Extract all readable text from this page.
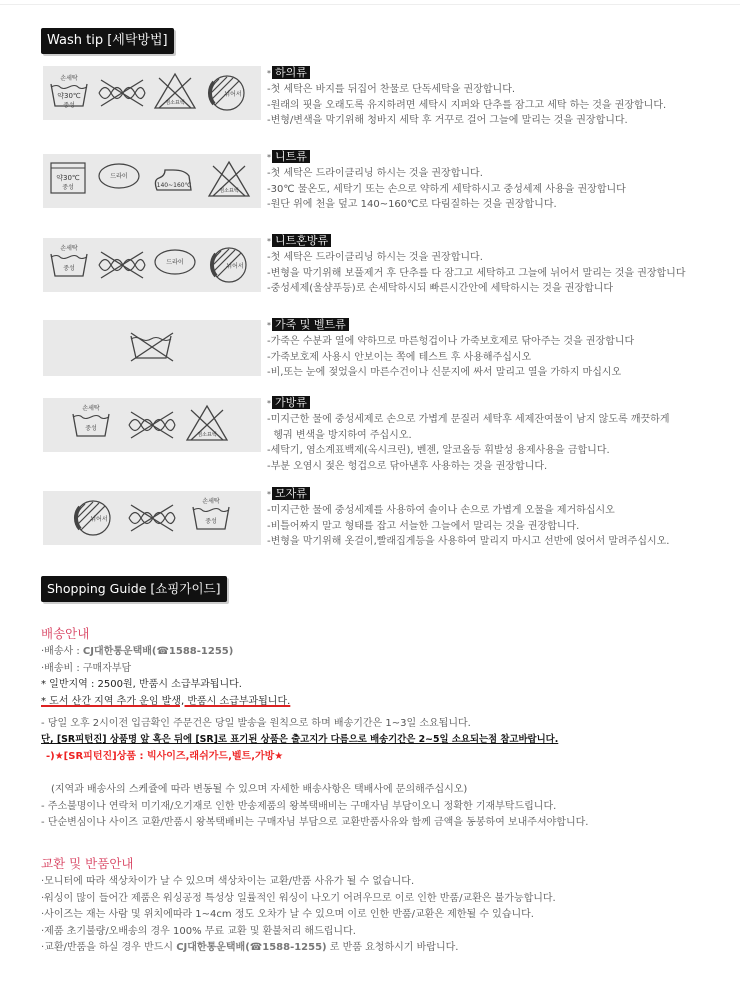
Wash tip [세탁방법]
손세탁
약30℃
중성	염소표백
뉘어서
* 하의류
-첫 세탁은 바지를 뒤집어 찬물로 단독세탁을 권장합니다.
-원래의 핏을 오래도록 유지하려면 세탁시 지퍼와 단추를 잠그고 세탁 하는 것을 권장합니다.
-변형/변색을 막기위해 청바지 세탁 후 거꾸로 걸어 그늘에 말리는 것을 권장합니다.
약30℃
중성
드라이
140~160℃
염소표백
* 니트류
-첫 세탁은 드라이클리닝 하시는 것을 권장합니다.
-30℃ 물온도, 세탁기 또는 손으로 약하게 세탁하시고 중성세제 사용을 권장합니다
-원단 위에 천을 덮고 140~160℃로 다림질하는 것을 권장합니다.
손세탁
중성
드라이
뉘어서
* 니트혼방류
-첫 세탁은 드라이클리닝 하시는 것을 권장합니다.
-변형을 막기위해 보풀제거 후 단추를 다 잠그고 세탁하고 그늘에 뉘어서 말리는 것을 권장합니다
-중성세제(울샴푸등)로 손세탁하시되 빠른시간안에 세탁하시는 것을 권장합니다
* 가죽 및 벨트류
-가죽은 수분과 열에 약하므로 마른헝겁이나 가죽보호제로 닦아주는 것을 권장합니다
-가죽보호제 사용시 안보이는 쪽에 테스트 후 사용해주십시오
-비,또는 눈에 젖었을시 마른수건이나 신문지에 싸서 말리고 열을 가하지 마십시오
손세탁
중성
염소표백
* 가방류
-미지근한 물에 중성세제로 손으로 가볍게 문질러 세탁후 세제잔여물이 남지 않도록 깨끗하게
헹궈 변색을 방지하여 주십시오.
-세탁기, 염소계표백제(옥시크린), 벤젠, 알코올등 휘발성 용제사용을 금합니다.
-부분 오염시 젖은 헝겁으로 닦아낸후 사용하는 것을 권장합니다.
뉘어서
손세탁
중성
* 모자류
-미지근한 물에 중성세제를 사용하여 솔이나 손으로 가볍게 오물을 제거하십시오
-비틀어짜지 말고 형태를 잡고 서늘한 그늘에서 말리는 것을 권장합니다.
-변형을 막기위해 옷걸이,빨래집게등을 사용하여 말리지 마시고 선반에 얹어서 말려주십시오.
Shopping Guide [쇼핑가이드]
배송안내
·배송사 : CJ대한통운택배(☎1588-1255)
·배송비 : 구매자부담
* 일반지역 : 2500원, 반품시 소급부과됩니다.
* 도서 산간 지역 추가 운임 발생, 반품시 소급부과됩니다.
- 당일 오후 2시이전 입금확인 주문건은 당일 발송을 원칙으로 하며 배송기간은 1~3일 소요됩니다.
단, [SR피턴진] 상품명 앞 혹은 뒤에 [SR]로 표기된 상품은 출고지가 다름으로 배송기간은 2~5일 소요되는점 참고바랍니다.
-)★[SR피턴진]상품 : 빅사이즈,래쉬가드,벨트,가방★
(지역과 배송사의 스케쥴에 따라 변동될 수 있으며 자세한 배송사항은 택배사에 문의해주십시오)
- 주소불명이나 연락처 미기재/오기재로 인한 반송제품의 왕복택배비는 구매자님 부담이오니 정확한 기재부탁드립니다.
- 단순변심이나 사이즈 교환/반품시 왕복택배비는 구매자님 부담으로 교환반품사유와 함께 금액을 동봉하여 보내주셔야합니다.
교환 및 반품안내
·모니터에 따라 색상차이가 날 수 있으며 색상차이는 교환/반품 사유가 될 수 없습니다.
·워싱이 많이 들어간 제품은 워싱공정 특성상 일률적인 워싱이 나오기 어려우므로 이로 인한 반품/교환은 불가능합니다.
·사이즈는 재는 사람 및 위치에따라 1~4cm 정도 오차가 날 수 있으며 이로 인한 반품/교환은 제한될 수 있습니다.
·제품 초기불량/오배송의 경우 100% 무료 교환 및 환불처리 해드립니다.
·교환/반품을 하실 경우 반드시 CJ대한통운택배(☎1588-1255) 로 반품 요청하시기 바랍니다.
